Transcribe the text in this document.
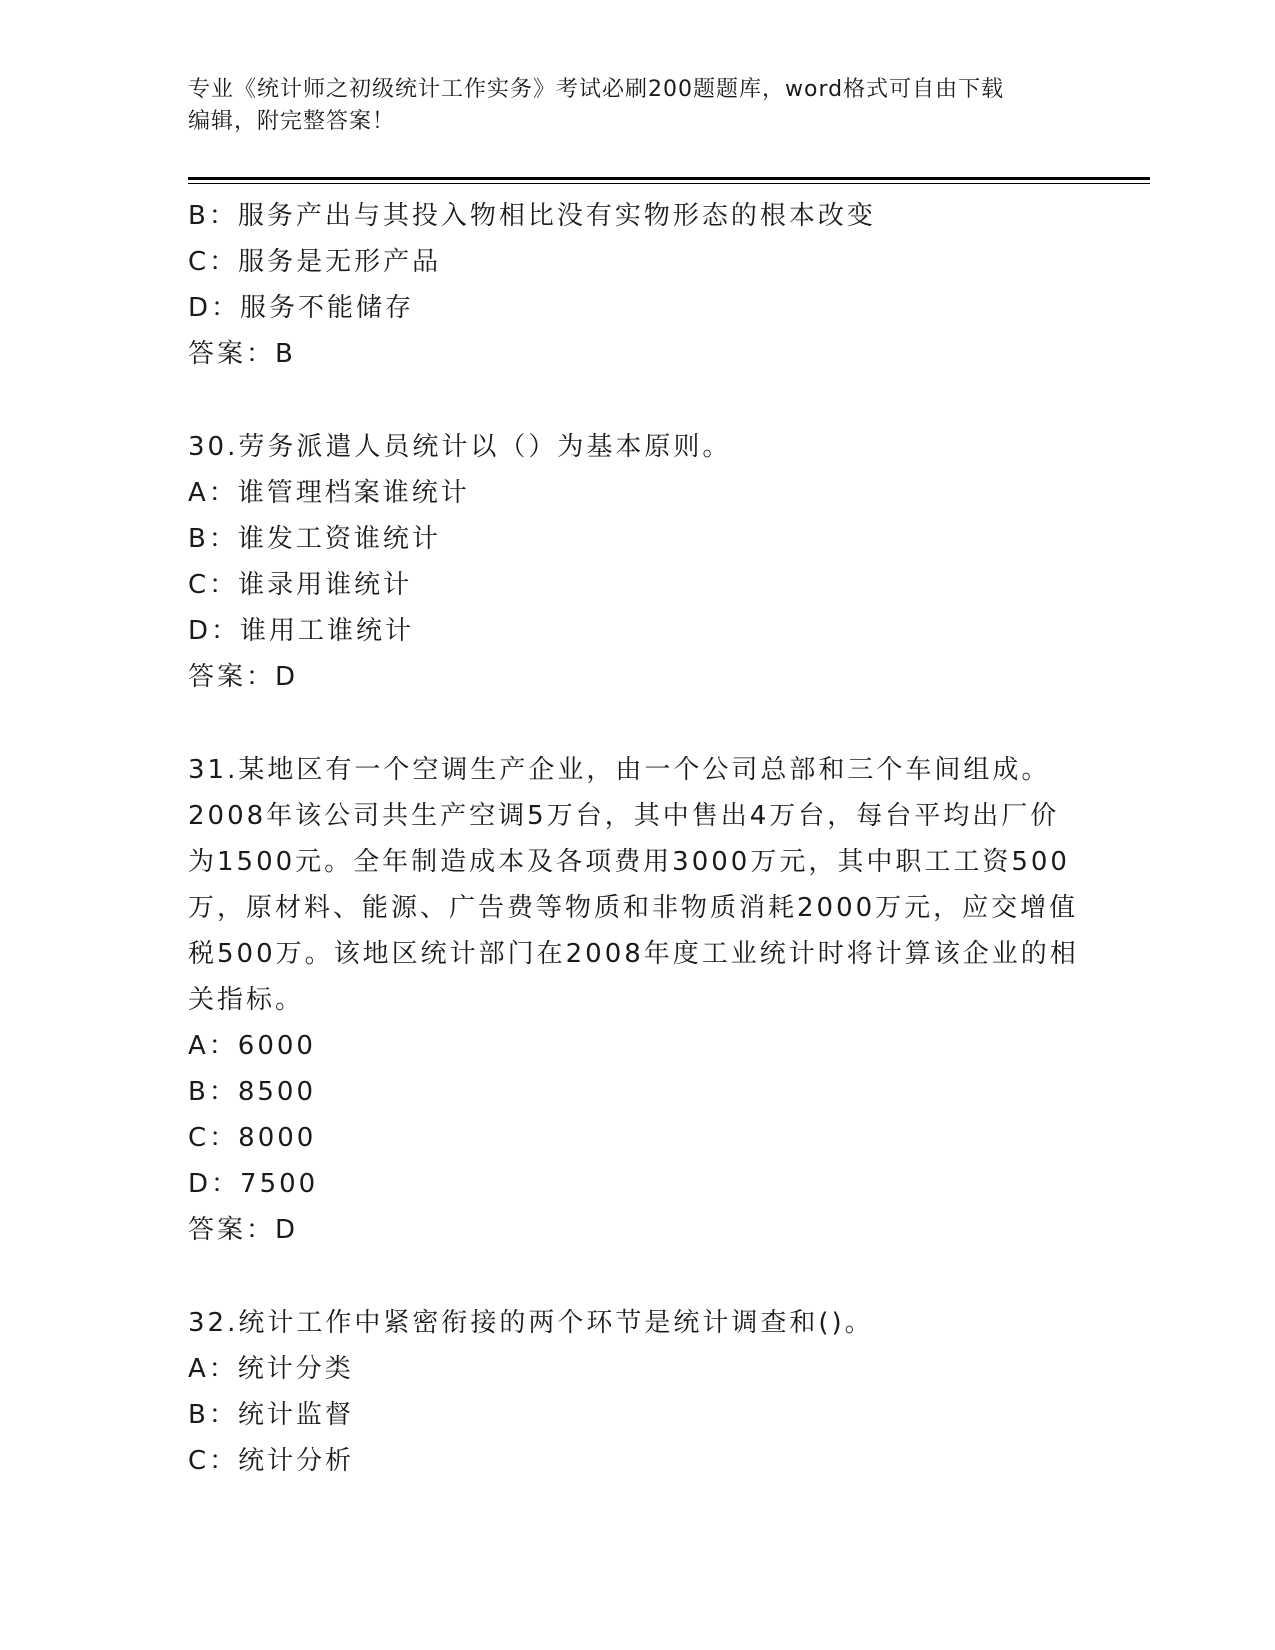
专业《统计师之初级统计工作实务》考试必刷200题题库，word格式可自由下载
编辑，附完整答案！
B：服务产出与其投入物相比没有实物形态的根本改变
C：服务是无形产品
D：服务不能储存
答案：B
30.劳务派遣人员统计以（）为基本原则。
A：谁管理档案谁统计
B：谁发工资谁统计
C：谁录用谁统计
D：谁用工谁统计
答案：D
31.某地区有一个空调生产企业，由一个公司总部和三个车间组成。
2008年该公司共生产空调5万台，其中售出4万台，每台平均出厂价
为1500元。全年制造成本及各项费用3000万元，其中职工工资500
万，原材料、能源、广告费等物质和非物质消耗2000万元，应交增值
税500万。该地区统计部门在2008年度工业统计时将计算该企业的相
关指标。
A：6000
B：8500
C：8000
D：7500
答案：D
32.统计工作中紧密衔接的两个环节是统计调查和()。
A：统计分类
B：统计监督
C：统计分析
